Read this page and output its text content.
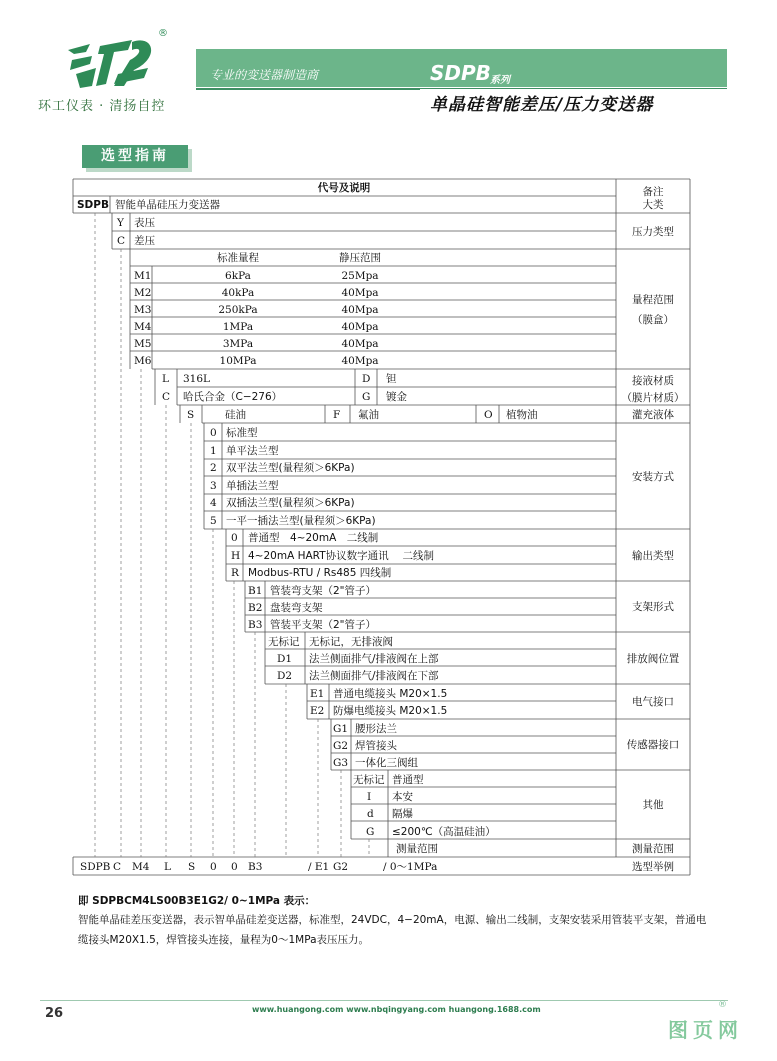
®
环工仪表 · 清扬自控
专业的变送器制造商	SDPB 系列
单晶硅智能差压/压力变送器
选型指南
代号及说明	备注
SDPB 智能单晶硅压力变送器	大类
Y 表压
C 差压
压力类型
标准量程	静压范围
M1	6kPa	25Mpa
M2	40kPa	40Mpa
M3	250kPa	40Mpa
M4	1MPa	40Mpa
M5	3MPa	40Mpa
M6	10MPa	40Mpa
量程范围
（膜盒）
L 316L	D 钽
C 哈氏合金（C−276）	G 镀金
接液材质
（膜片材质）
S	硅油	F 氟油	O 植物油	灌充液体
0 标准型
1 单平法兰型
2 双平法兰型(量程须＞6KPa)
3 单插法兰型
4 双插法兰型(量程须＞6KPa)
5 一平一插法兰型(量程须＞6KPa)
安装方式
0 普通型　4~20mA　二线制
H 4~20mA HART协议数字通讯　 二线制
R Modbus-RTU / Rs485 四线制
输出类型
B1 管装弯支架（2"管子）
B2 盘装弯支架
B3 管装平支架（2"管子）
支架形式
无标记 无标记，无排液阀
D1 法兰侧面排气/排液阀在上部
D2 法兰侧面排气/排液阀在下部
排放阀位置
E1 普通电缆接头 M20×1.5
E2 防爆电缆接头 M20×1.5
电气接口
G1 腰形法兰
G2 焊管接头
G3 一体化三阀组
传感器接口
无标记 普通型
I 本安
d 隔爆
G ≤200℃（高温硅油）
其他
测量范围	测量范围
SDPB C M4 L S 0 0 B3	/ E1 G2	/ 0～1MPa	选型举例
即 SDPBCM4LS00B3E1G2/ 0~1MPa 表示：
智能单晶硅差压变送器，表示智单晶硅差变送器，标准型，24VDC，4−20mA，电源、输出二线制，支架安装采用管装平支架，普通电缆接头M20X1.5，焊管接头连接，量程为0～1MPa表压压力。
26	www.huangong.com www.nbqingyang.com huangong.1688.com	®
图页网
